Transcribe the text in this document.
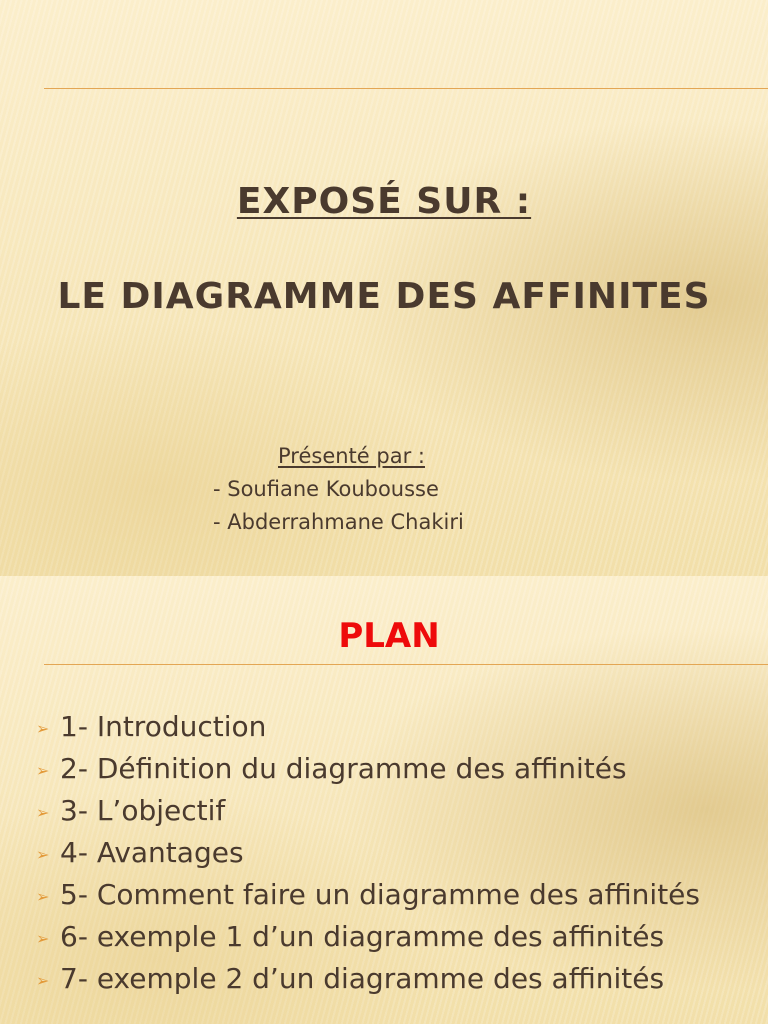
EXPOSÉ SUR :
LE DIAGRAMME DES AFFINITES
Présenté par :
- Soufiane Koubousse
- Abderrahmane Chakiri
PLAN
➢ 1- Introduction
➢ 2- Définition du diagramme des affinités
➢ 3- L’objectif
➢ 4- Avantages
➢ 5- Comment faire un diagramme des affinités
➢ 6- exemple 1 d’un diagramme des affinités
➢ 7- exemple 2 d’un diagramme des affinités
